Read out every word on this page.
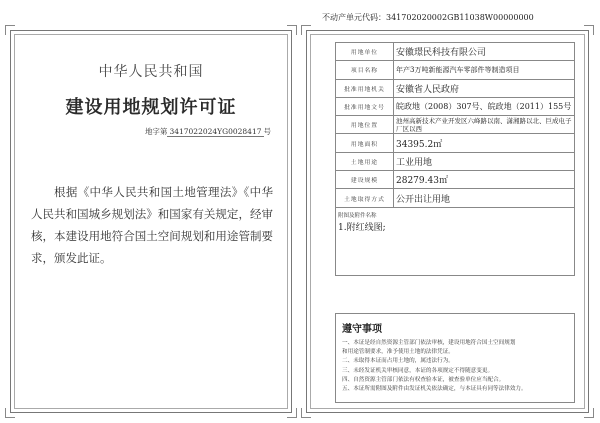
不动产单元代码：341702020002GB11038W00000000
中华人民共和国
建设用地规划许可证
地字第 3417022024YG0028417 号
根据《中华人民共和国土地管理法》《中华人民共和国城乡规划法》和国家有关规定，经审核，本建设用地符合国土空间规划和用途管制要求，颁发此证。
用地单位	安徽璟民科技有限公司
项目名称	年产3万吨新能源汽车零部件等制造项目
批准用地机关	安徽省人民政府
批准用地文号	皖政地（2008）307号、皖政地（2011）155号
用地位置	池州高新技术产业开发区六峰路以南、潇湘路以北、巨成电子厂区以西
用地面积	34395.2㎡
土地用途	工业用地
建设规模	28279.43㎡
土地取得方式	公开出让用地

附图及附件名称
1.附红线图;	
遵守事项
一、本证是经自然资源主管部门依法审核，建设用地符合国土空间规划
和用途管制要求，准予使用土地的法律凭证。
二、未取得本证而占用土地的，属违法行为。
三、未经发证机关审核同意，本证的各项规定不得随意变更。
四、自然资源主管部门依法有权查验本证，被查验单位应当配合。
五、本证所需附图及附件由发证机关依法确定，与本证具有同等法律效力。
